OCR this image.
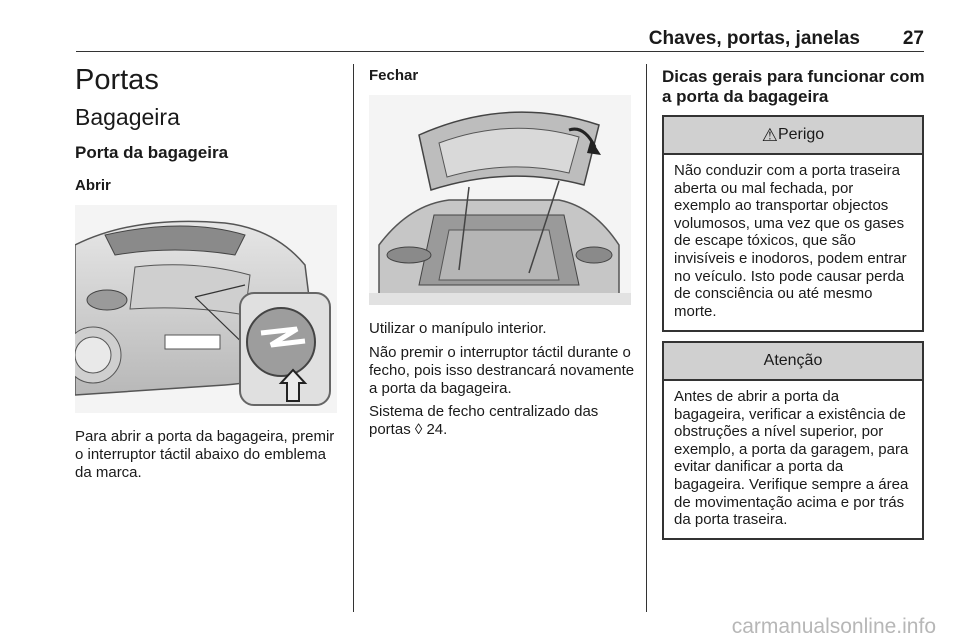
Chaves, portas, janelas 27
Portas
Bagageira
Porta da bagageira
Abrir
Para abrir a porta da bagageira, premir o interruptor táctil abaixo do emblema da marca.
Fechar
Utilizar o manípulo interior.
Não premir o interruptor táctil durante o fecho, pois isso destrancará novamente a porta da bagageira.
Sistema de fecho centralizado das portas ◊ 24.
Dicas gerais para funcionar com a porta da bagageira
⚠ Perigo
Não conduzir com a porta traseira aberta ou mal fechada, por exemplo ao transportar objectos volumosos, uma vez que os gases de escape tóxicos, que são invisíveis e inodoros, podem entrar no veículo. Isto pode causar perda de consciência ou até mesmo morte.
Atenção
Antes de abrir a porta da bagageira, verificar a existência de obstruções a nível superior, por exemplo, a porta da garagem, para evitar danificar a porta da bagageira. Verifique sempre a área de movimentação acima e por trás da porta traseira.
carmanualsonline.info
